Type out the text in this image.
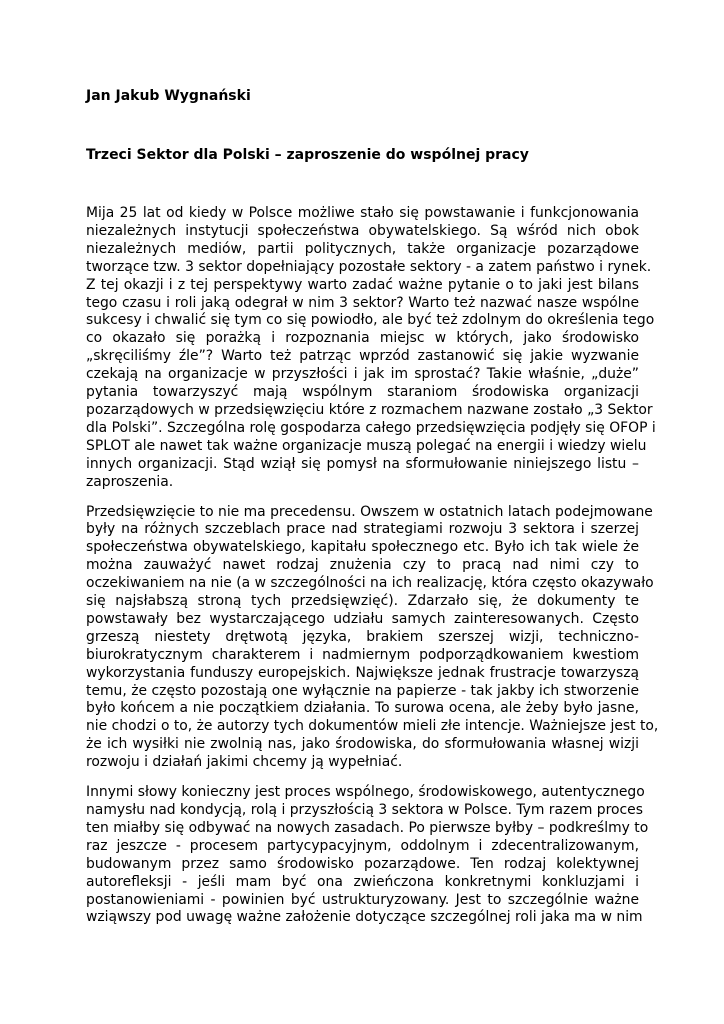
Jan Jakub Wygnański
Trzeci Sektor dla Polski – zaproszenie do wspólnej pracy

Mija 25 lat od kiedy w Polsce możliwe stało się powstawanie i funkcjonowania
niezależnych instytucji społeczeństwa obywatelskiego. Są wśród nich obok
niezależnych mediów, partii politycznych, także organizacje pozarządowe
tworzące tzw. 3 sektor dopełniający pozostałe sektory - a zatem państwo i rynek.
Z tej okazji i z tej perspektywy warto zadać ważne pytanie o to jaki jest bilans
tego czasu i roli jaką odegrał w nim 3 sektor? Warto też nazwać nasze wspólne
sukcesy i chwalić się tym co się powiodło, ale być też zdolnym do określenia tego
co okazało się porażką i rozpoznania miejsc w których, jako środowisko
„skręciliśmy źle”? Warto też patrząc wprzód zastanowić się jakie wyzwanie
czekają na organizacje w przyszłości i jak im sprostać? Takie właśnie, „duże”
pytania towarzyszyć mają wspólnym staraniom środowiska organizacji
pozarządowych w przedsięwzięciu które z rozmachem nazwane zostało „3 Sektor
dla Polski”. Szczególna rolę gospodarza całego przedsięwzięcia podjęły się OFOP i
SPLOT ale nawet tak ważne organizacje muszą polegać na energii i wiedzy wielu
innych organizacji. Stąd wziął się pomysł na sformułowanie niniejszego listu –
zaproszenia.

Przedsięwzięcie to nie ma precedensu. Owszem w ostatnich latach podejmowane
były na różnych szczeblach prace nad strategiami rozwoju 3 sektora i szerzej
społeczeństwa obywatelskiego, kapitału społecznego etc. Było ich tak wiele że
można zauważyć nawet rodzaj znużenia czy to pracą nad nimi czy to
oczekiwaniem na nie (a w szczególności na ich realizację, która często okazywało
się najsłabszą stroną tych przedsięwzięć). Zdarzało się, że dokumenty te
powstawały bez wystarczającego udziału samych zainteresowanych. Często
grzeszą niestety drętwotą języka, brakiem szerszej wizji, techniczno-
biurokratycznym charakterem i nadmiernym podporządkowaniem kwestiom
wykorzystania funduszy europejskich. Największe jednak frustracje towarzyszą
temu, że często pozostają one wyłącznie na papierze - tak jakby ich stworzenie
było końcem a nie początkiem działania. To surowa ocena, ale żeby było jasne,
nie chodzi o to, że autorzy tych dokumentów mieli złe intencje. Ważniejsze jest to,
że ich wysiłki nie zwolnią nas, jako środowiska, do sformułowania własnej wizji
rozwoju i działań jakimi chcemy ją wypełniać.

Innymi słowy konieczny jest proces wspólnego, środowiskowego, autentycznego
namysłu nad kondycją, rolą i przyszłością 3 sektora w Polsce. Tym razem proces
ten miałby się odbywać na nowych zasadach. Po pierwsze byłby – podkreślmy to
raz jeszcze - procesem partycypacyjnym, oddolnym i zdecentralizowanym,
budowanym przez samo środowisko pozarządowe. Ten rodzaj kolektywnej
autorefleksji - jeśli mam być ona zwieńczona konkretnymi konkluzjami i
postanowieniami - powinien być ustrukturyzowany. Jest to szczególnie ważne
wziąwszy pod uwagę ważne założenie dotyczące szczególnej roli jaka ma w nim
